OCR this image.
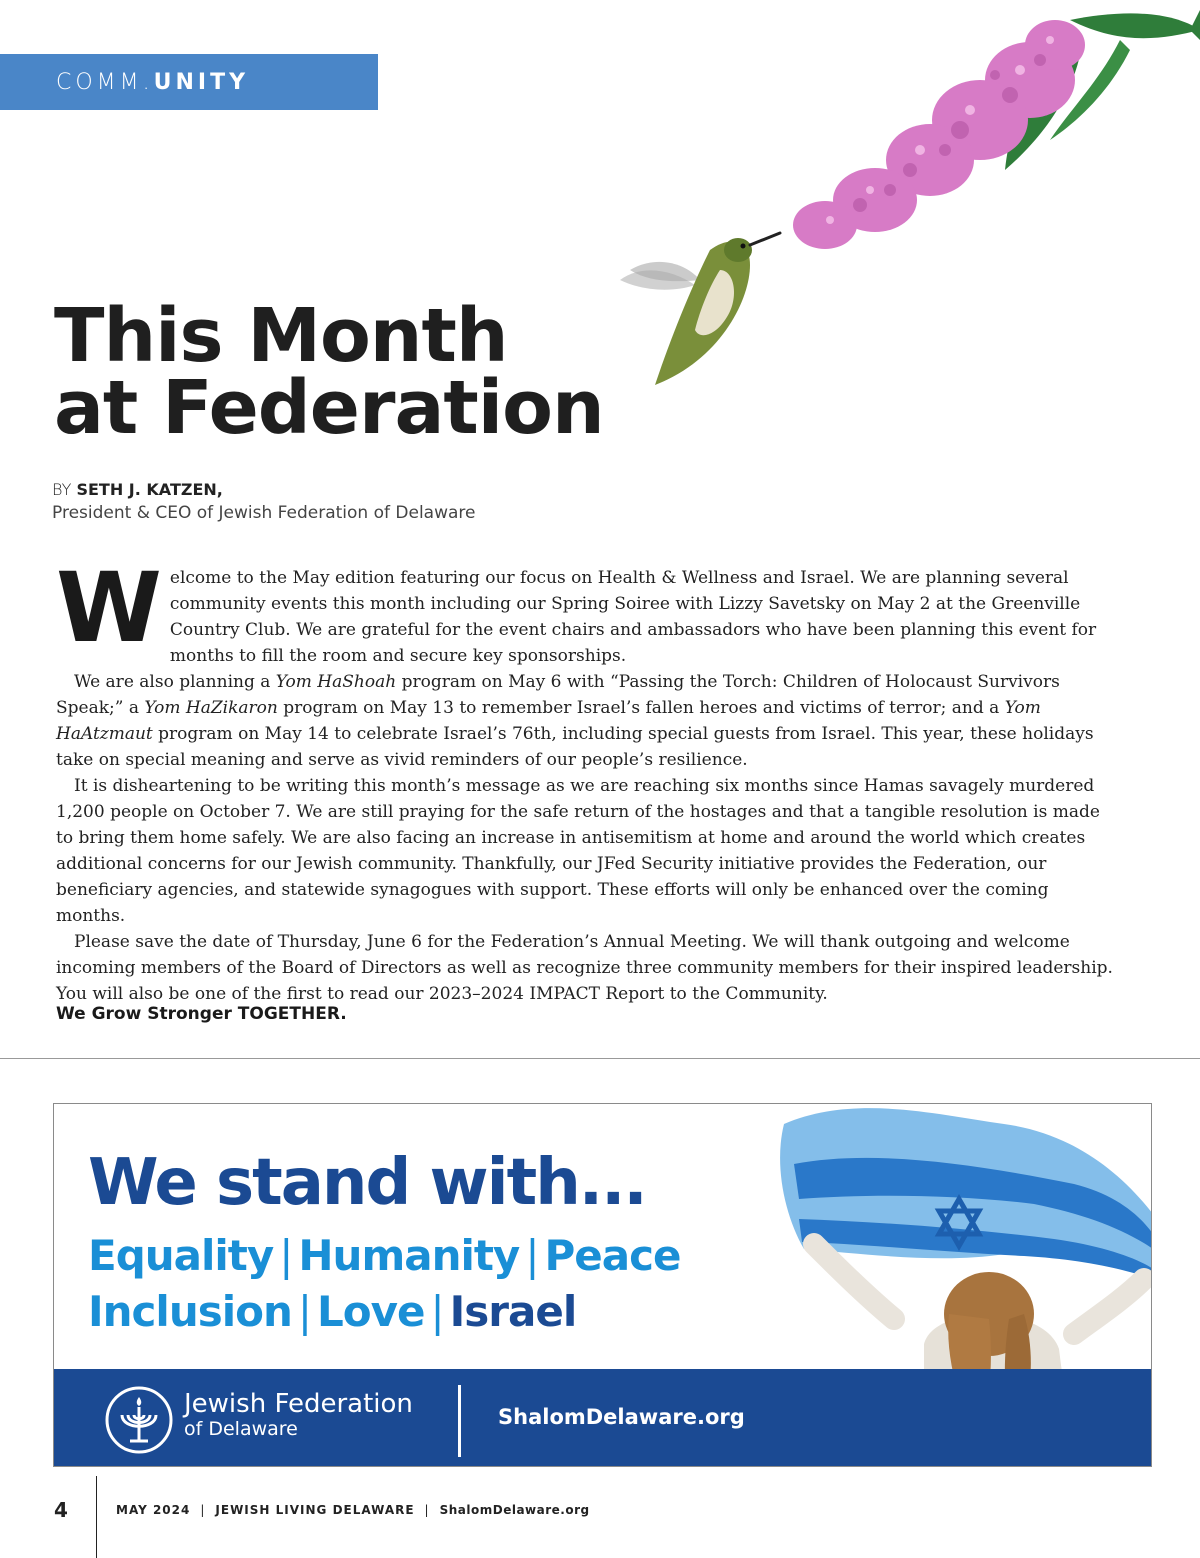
COMM. UNITY
This Month
at Federation
BY SETH J. KATZEN,
President & CEO of Jewish Federation of Delaware

Welcome to the May edition featuring our focus on Health & Wellness and Israel. We are planning several community events this month including our Spring Soiree with Lizzy Savetsky on May 2 at the Greenville Country Club. We are grateful for the event chairs and ambassadors who have been planning this event for months to fill the room and secure key sponsorships.

We are also planning a Yom HaShoah program on May 6 with “Passing the Torch: Children of Holocaust Survivors Speak;” a Yom HaZikaron program on May 13 to remember Israel’s fallen heroes and victims of terror; and a Yom HaAtzmaut program on May 14 to celebrate Israel’s 76th, including special guests from Israel. This year, these holidays take on special meaning and serve as vivid reminders of our people’s resilience.

It is disheartening to be writing this month’s message as we are reaching six months since Hamas savagely murdered 1,200 people on October 7. We are still praying for the safe return of the hostages and that a tangible resolution is made to bring them home safely. We are also facing an increase in antisemitism at home and around the world which creates additional concerns for our Jewish community. Thankfully, our JFed Security initiative provides the Federation, our beneficiary agencies, and statewide synagogues with support. These efforts will only be enhanced over the coming months.

Please save the date of Thursday, June 6 for the Federation’s Annual Meeting. We will thank outgoing and welcome incoming members of the Board of Directors as well as recognize three community members for their inspired leadership. You will also be one of the first to read our 2023–2024 IMPACT Report to the Community.

We Grow Stronger TOGETHER.
We stand with...
Equality | Humanity | Peace
Inclusion | Love | Israel
Jewish Federation
of Delaware	ShalomDelaware.org
4	MAY 2024 | JEWISH LIVING DELAWARE | ShalomDelaware.org
